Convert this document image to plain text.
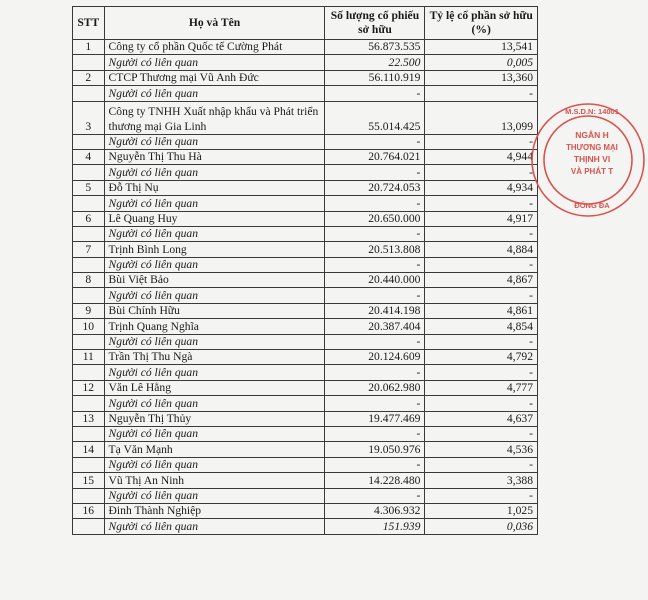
STT	Họ và Tên	Số lượng cổ phiếu sở hữu	Tỷ lệ cổ phần sở hữu (%)
1	Công ty cổ phần Quốc tế Cường Phát	56.873.535	13,541
	Người có liên quan	22.500	0,005
2	CTCP Thương mại Vũ Anh Đức	56.110.919	13,360
	Người có liên quan	-	-
3	Công ty TNHH Xuất nhập khẩu và Phát triển thương mại Gia Linh	55.014.425	13,099
	Người có liên quan	-	-
4	Nguyễn Thị Thu Hà	20.764.021	4,944
	Người có liên quan	-	-
5	Đỗ Thị Nụ	20.724.053	4,934
	Người có liên quan	-	-
6	Lê Quang Huy	20.650.000	4,917
	Người có liên quan	-	-
7	Trịnh Bình Long	20.513.808	4,884
	Người có liên quan	-	-
8	Bùi Việt Bảo	20.440.000	4,867
	Người có liên quan	-	-
9	Bùi Chính Hữu	20.414.198	4,861
10	Trịnh Quang Nghĩa	20.387.404	4,854
	Người có liên quan	-	-
11	Trần Thị Thu Ngà	20.124.609	4,792
	Người có liên quan	-	-
12	Văn Lê Hằng	20.062.980	4,777
	Người có liên quan	-	-
13	Nguyễn Thị Thủy	19.477.469	4,637
	Người có liên quan	-	-
14	Tạ Văn Mạnh	19.050.976	4,536
	Người có liên quan	-	-
15	Vũ Thị An Ninh	14.228.480	3,388
	Người có liên quan	-	-
16	Đinh Thành Nghiệp	4.306.932	1,025
	Người có liên quan	151.939	0,036
M.S.D.N: 14001
NGÂN H
THƯƠNG MẠI
THỊNH VI
VÀ PHÁT T
ĐỐNG ĐA
